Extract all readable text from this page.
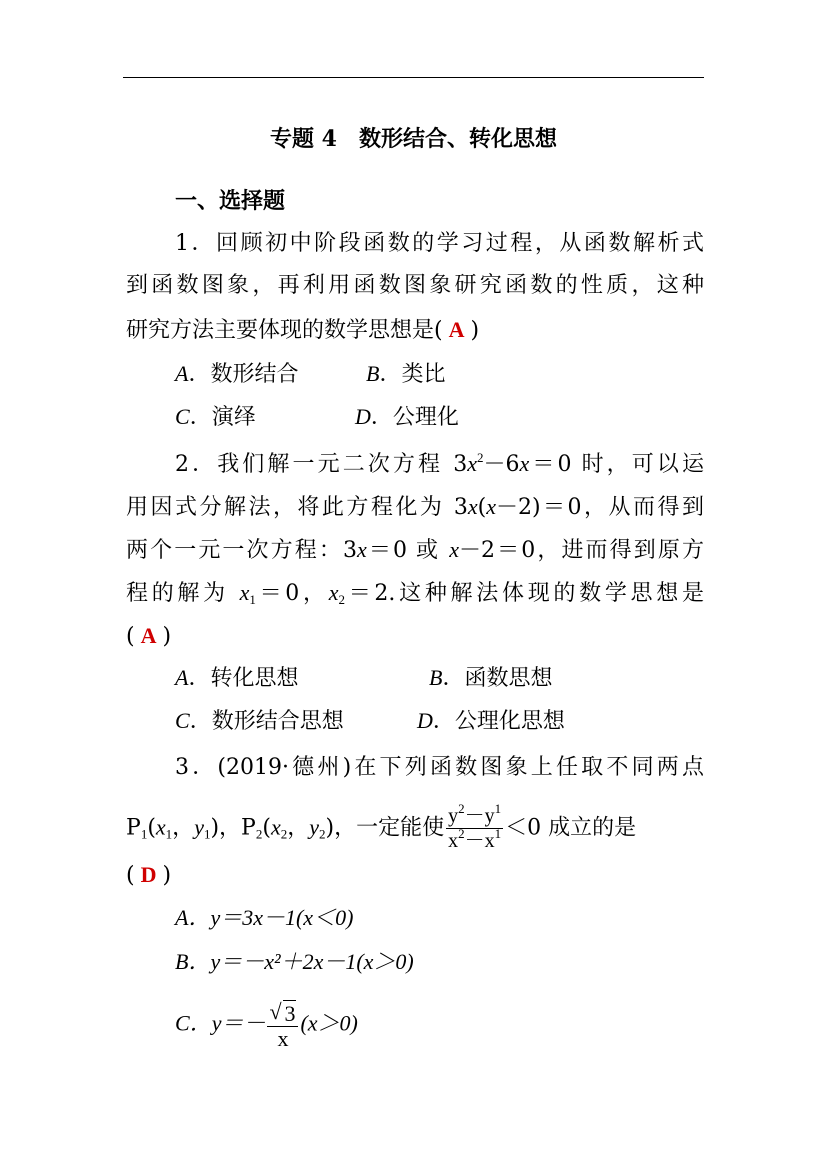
专题 4 数形结合、转化思想
一、选择题
1．回顾初中阶段函数的学习过程，从函数解析式
到函数图象，再利用函数图象研究函数的性质，这种
研究方法主要体现的数学思想是( A )
A．数形结合	B．类比
C．演绎	D．公理化
2．我们解一元二次方程 $3x^2-6x=0$ 时，可以运
用因式分解法，将此方程化为 3x(x－2)＝0，从而得到
两个一元一次方程：3x＝0 或 x－2＝0，进而得到原方
程的解为 $x_1=0$，$x_2=2$.这种解法体现的数学思想是
( A )
A．转化思想	B．函数思想
C．数形结合思想	D．公理化思想
3．(2019·德州)在下列函数图象上任取不同两点
$P_1(x_1$，$y_1$)，$P_2(x_2$，$y_2$)，一定能使 $\frac{y^2-y^1}{x^2-x^1} <0$ 成立的是
( D )
A．y＝3x－1(x＜0)
B．y＝－x²＋2x－1(x＞0)
C．$y=- \frac{√ 3}{x} (x>0)$
